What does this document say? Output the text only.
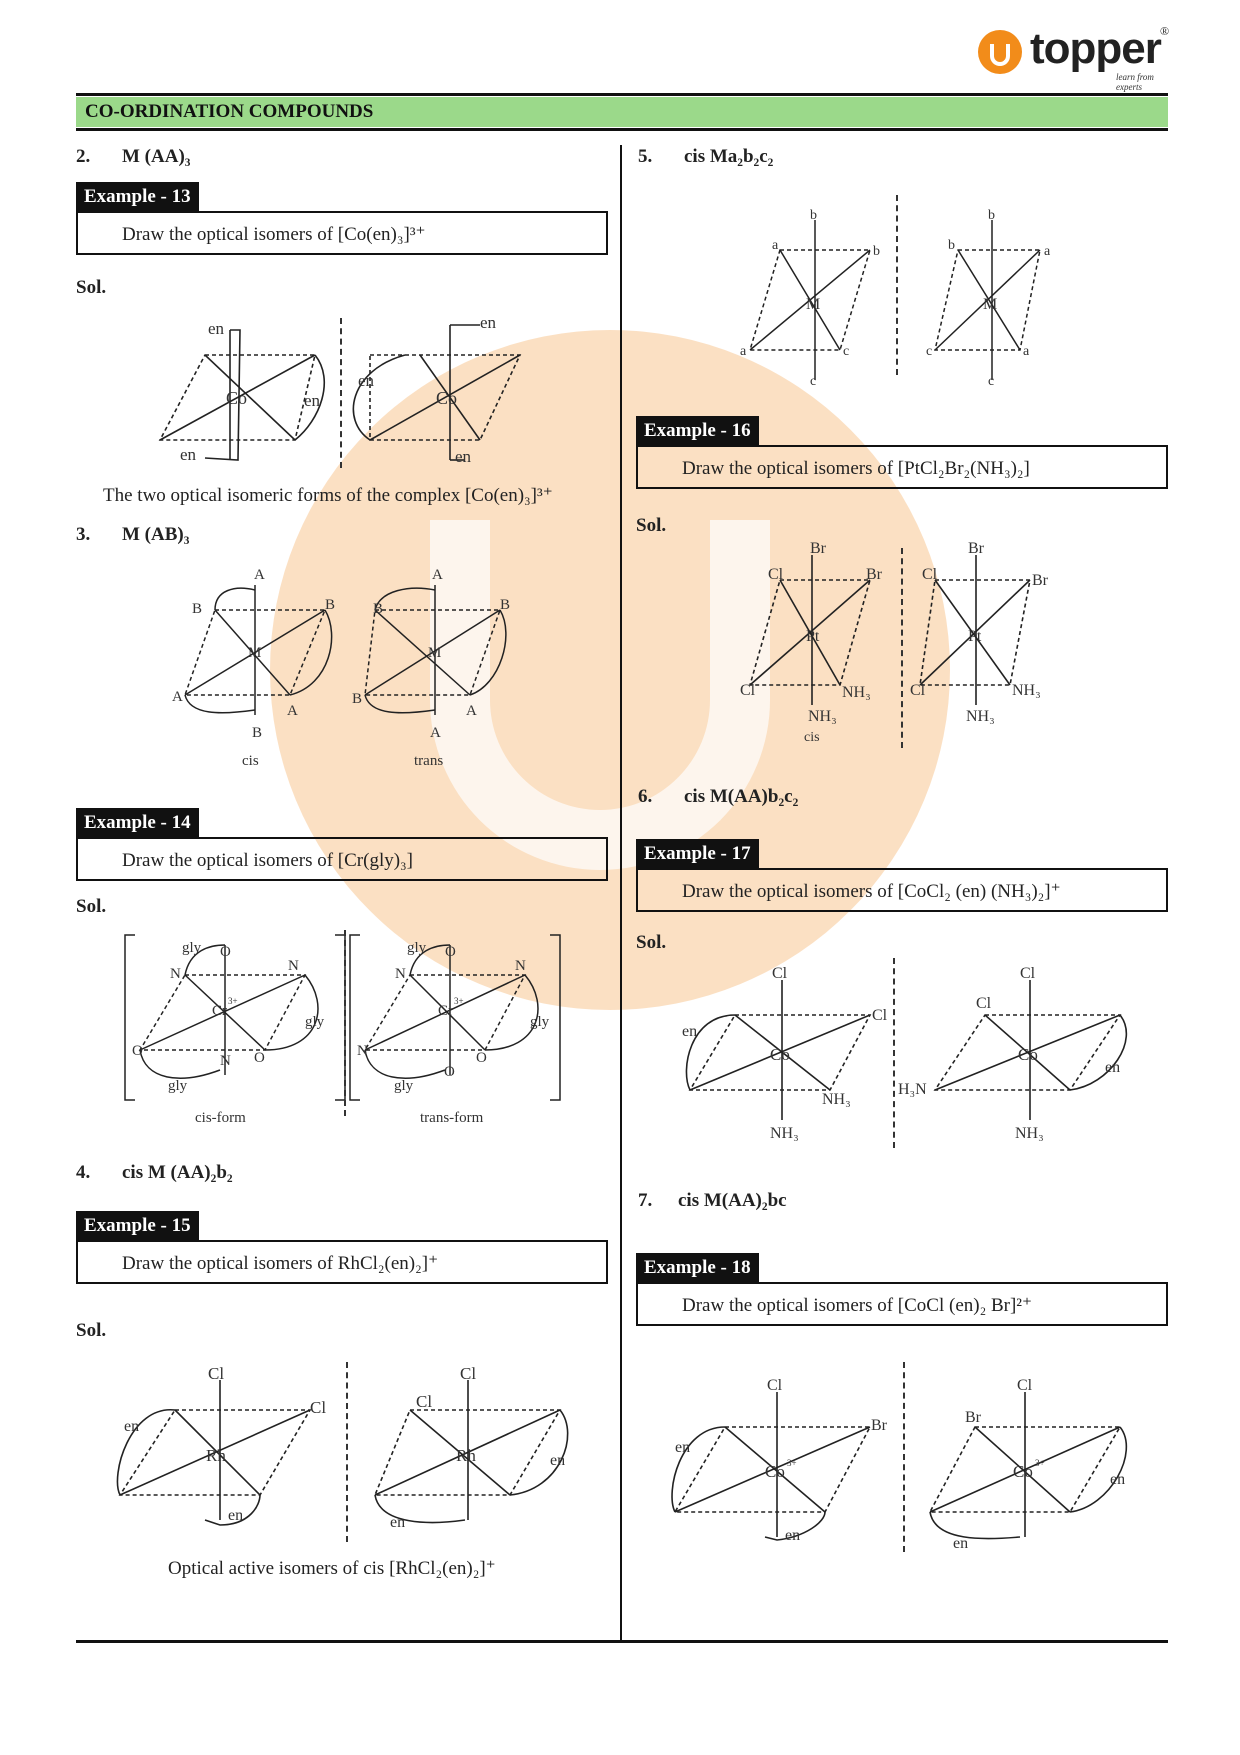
topper ®
learn from experts
CO-ORDINATION COMPOUNDS
2. M (AA)₃
Example - 13
Draw the optical isomers of [Co(en)₃]³⁺
Sol.
en
Co	en
en
en
en
Co
en
The two optical isomeric forms of the complex [Co(en)₃]³⁺
3. M (AB)₃
A
B	B
M
A
A
B
cis
A
B	B
M
B
A
A
trans
Example - 14
Draw the optical isomers of [Cr(gly)₃]
Sol.
gly O
N	N
Cr
3+
gly
O
N O
gly
cis-form
gly O
N	N
Cr
3+
gly
N
O
O
gly
trans-form
4. cis M (AA)₂b₂
Example - 15
Draw the optical isomers of RhCl₂(en)₂]⁺
Sol.
Cl
Cl
en
Rh
en
Cl
Cl
Rh	en
en
Optical active isomers of cis [RhCl₂(en)₂]⁺
5. cis Ma₂b₂c₂
b
a	b
M
a	c
c
b
b	a
M
c	a
c
Example - 16
Draw the optical isomers of [PtCl₂Br₂(NH₃)₂]
Sol.
Br
Cl	Br
Pt
Cl	NH₃
NH₃
cis
Br
Cl	Br
Pt
Cl	NH₃
NH₃
6. cis M(AA)b₂c₂
Example - 17
Draw the optical isomers of [CoCl₂ (en) (NH₃)₂]⁺
Sol.
Cl
Cl
en
Co
NH₃
NH₃
Cl
Cl
Co
en
H₃N
NH₃
7. cis M(AA)₂bc
Example - 18
Draw the optical isomers of [CoCl (en)₂ Br]²⁺
Cl
Br
en
Co 3+
en
Cl
Br
Co 3+
en
en
